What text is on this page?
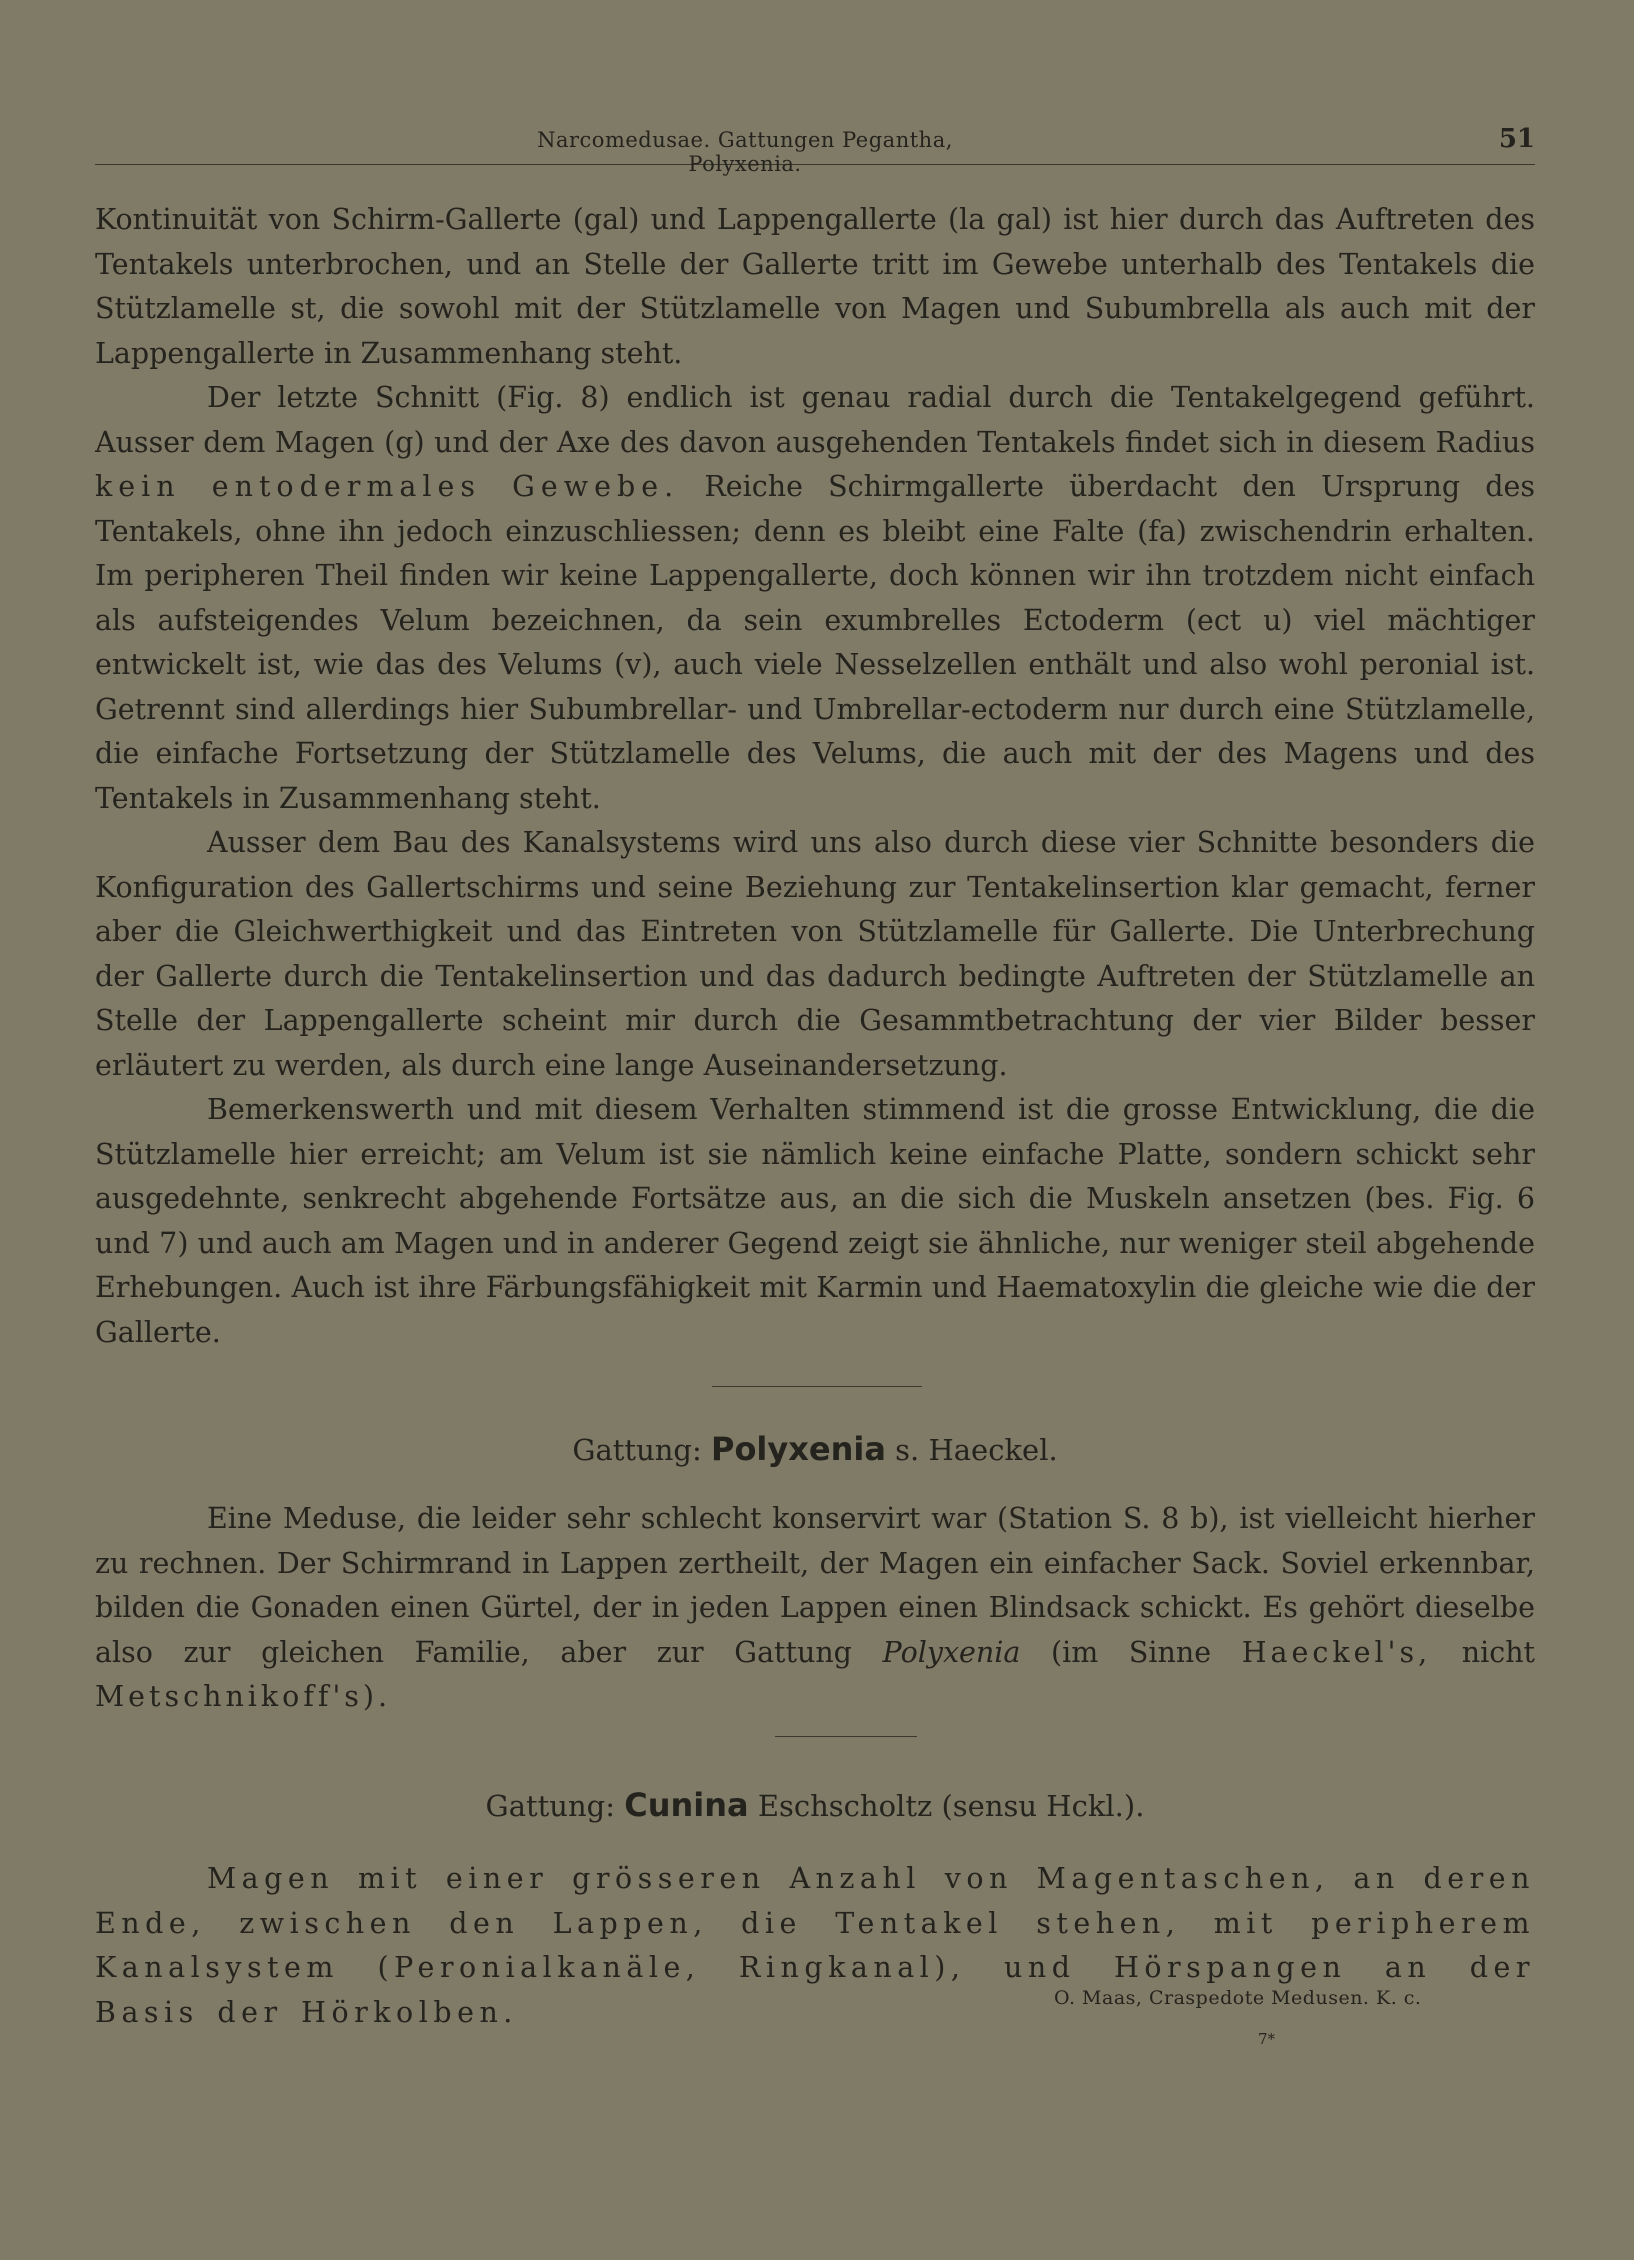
Narcomedusae. Gattungen Pegantha, Polyxenia.
51

Kontinuität von Schirm-Gallerte (gal) und Lappengallerte (la gal) ist hier durch das Auftreten des Tentakels unterbrochen, und an Stelle der Gallerte tritt im Gewebe unterhalb des Tentakels die Stützlamelle st, die sowohl mit der Stützlamelle von Magen und Subumbrella als auch mit der Lappengallerte in Zusammenhang steht.

Der letzte Schnitt (Fig. 8) endlich ist genau radial durch die Tentakelgegend geführt. Ausser dem Magen (g) und der Axe des davon ausgehenden Tentakels findet sich in diesem Radius kein entodermales Gewebe. Reiche Schirmgallerte überdacht den Ursprung des Tentakels, ohne ihn jedoch einzuschliessen; denn es bleibt eine Falte (fa) zwischendrin erhalten. Im peripheren Theil finden wir keine Lappengallerte, doch können wir ihn trotzdem nicht einfach als aufsteigendes Velum bezeichnen, da sein exumbrelles Ectoderm (ect u) viel mächtiger entwickelt ist, wie das des Velums (v), auch viele Nesselzellen enthält und also wohl peronial ist. Getrennt sind allerdings hier Subumbrellar- und Umbrellar-ectoderm nur durch eine Stützlamelle, die einfache Fortsetzung der Stützlamelle des Velums, die auch mit der des Magens und des Tentakels in Zusammenhang steht.

Ausser dem Bau des Kanalsystems wird uns also durch diese vier Schnitte besonders die Konfiguration des Gallertschirms und seine Beziehung zur Tentakelinsertion klar gemacht, ferner aber die Gleichwerthigkeit und das Eintreten von Stützlamelle für Gallerte. Die Unterbrechung der Gallerte durch die Tentakelinsertion und das dadurch bedingte Auftreten der Stützlamelle an Stelle der Lappengallerte scheint mir durch die Gesammtbetrachtung der vier Bilder besser erläutert zu werden, als durch eine lange Auseinandersetzung.

Bemerkenswerth und mit diesem Verhalten stimmend ist die grosse Entwicklung, die die Stützlamelle hier erreicht; am Velum ist sie nämlich keine einfache Platte, sondern schickt sehr ausgedehnte, senkrecht abgehende Fortsätze aus, an die sich die Muskeln ansetzen (bes. Fig. 6 und 7) und auch am Magen und in anderer Gegend zeigt sie ähnliche, nur weniger steil abgehende Erhebungen. Auch ist ihre Färbungsfähigkeit mit Karmin und Haematoxylin die gleiche wie die der Gallerte.

Gattung: Polyxenia s. Haeckel.

Eine Meduse, die leider sehr schlecht konservirt war (Station S. 8 b), ist vielleicht hierher zu rechnen. Der Schirmrand in Lappen zertheilt, der Magen ein einfacher Sack. Soviel erkennbar, bilden die Gonaden einen Gürtel, der in jeden Lappen einen Blindsack schickt. Es gehört dieselbe also zur gleichen Familie, aber zur Gattung Polyxenia (im Sinne Haeckel's, nicht Metschnikoff's).

Gattung: Cunina Eschscholtz (sensu Hckl.).

Magen mit einer grösseren Anzahl von Magentaschen, an deren Ende, zwischen den Lappen, die Tentakel stehen, mit peripherem Kanalsystem (Peronialkanäle, Ringkanal), und Hörspangen an der Basis der Hörkolben.	O. Maas, Craspedote Medusen. K. c.
7*
